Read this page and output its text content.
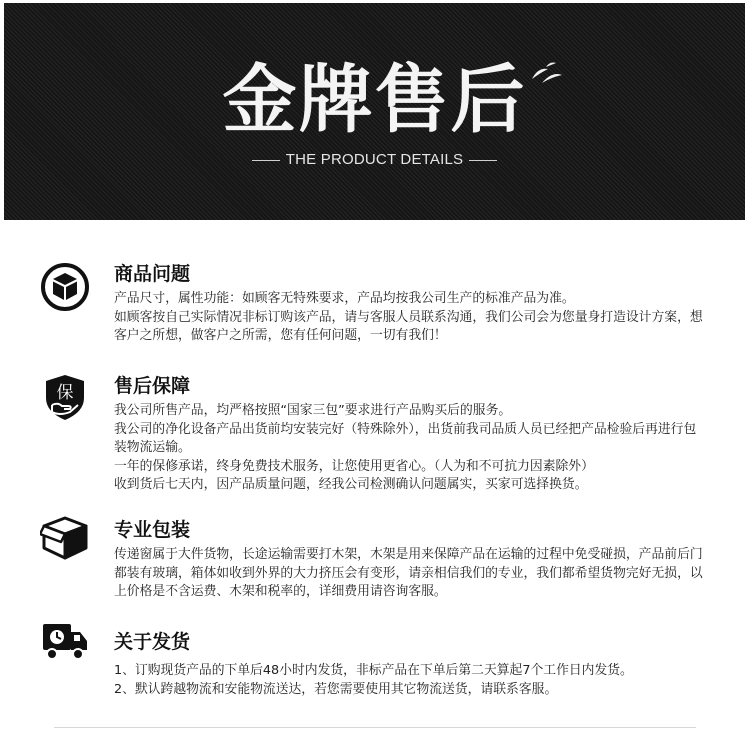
金牌售后
THE PRODUCT DETAILS
商品问题

产品尺寸，属性功能：如顾客无特殊要求，产品均按我公司生产的标准产品为准。

如顾客按自己实际情况非标订购该产品，请与客服人员联系沟通，我们公司会为您量身打造设计方案，想客户之所想，做客户之所需，您有任何问题，一切有我们！

保 售后保障

我公司所售产品，均严格按照“国家三包”要求进行产品购买后的服务。

我公司的净化设备产品出货前均安装完好（特殊除外），出货前我司品质人员已经把产品检验后再进行包装物流运输。

一年的保修承诺，终身免费技术服务，让您使用更省心。（人为和不可抗力因素除外）

收到货后七天内，因产品质量问题，经我公司检测确认问题属实，买家可选择换货。

专业包装

传递窗属于大件货物，长途运输需要打木架，木架是用来保障产品在运输的过程中免受碰损，产品前后门都装有玻璃，箱体如收到外界的大力挤压会有变形，请亲相信我们的专业，我们都希望货物完好无损，以上价格是不含运费、木架和税率的，详细费用请咨询客服。

关于发货

1、订购现货产品的下单后48小时内发货，非标产品在下单后第二天算起7个工作日内发货。

2、默认跨越物流和安能物流送达，若您需要使用其它物流送货，请联系客服。
